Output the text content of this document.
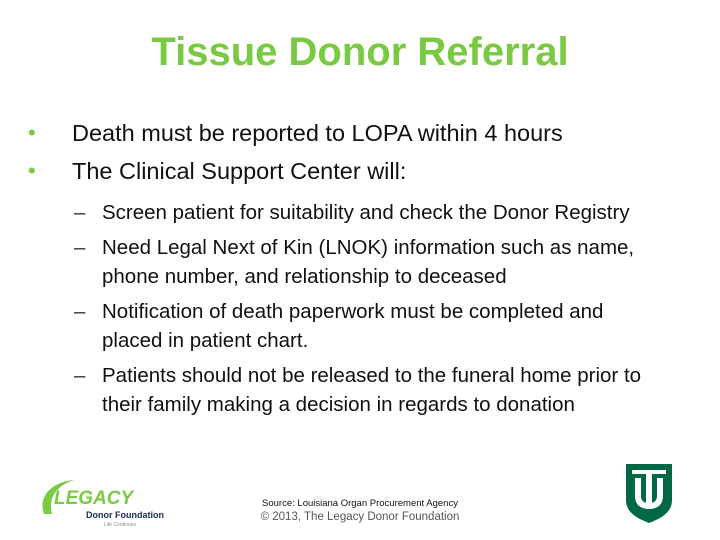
Tissue Donor Referral
• Death must be reported to LOPA within 4 hours
• The Clinical Support Center will:
– Screen patient for suitability and check the Donor Registry
– Need Legal Next of Kin (LNOK) information such as name, phone number, and relationship to deceased
– Notification of death paperwork must be completed and placed in patient chart.
– Patients should not be released to the funeral home prior to their family making a decision in regards to donation
LEGACY
Donor Foundation
Life Continues
Source: Louisiana Organ Procurement Agency
© 2013, The Legacy Donor Foundation
